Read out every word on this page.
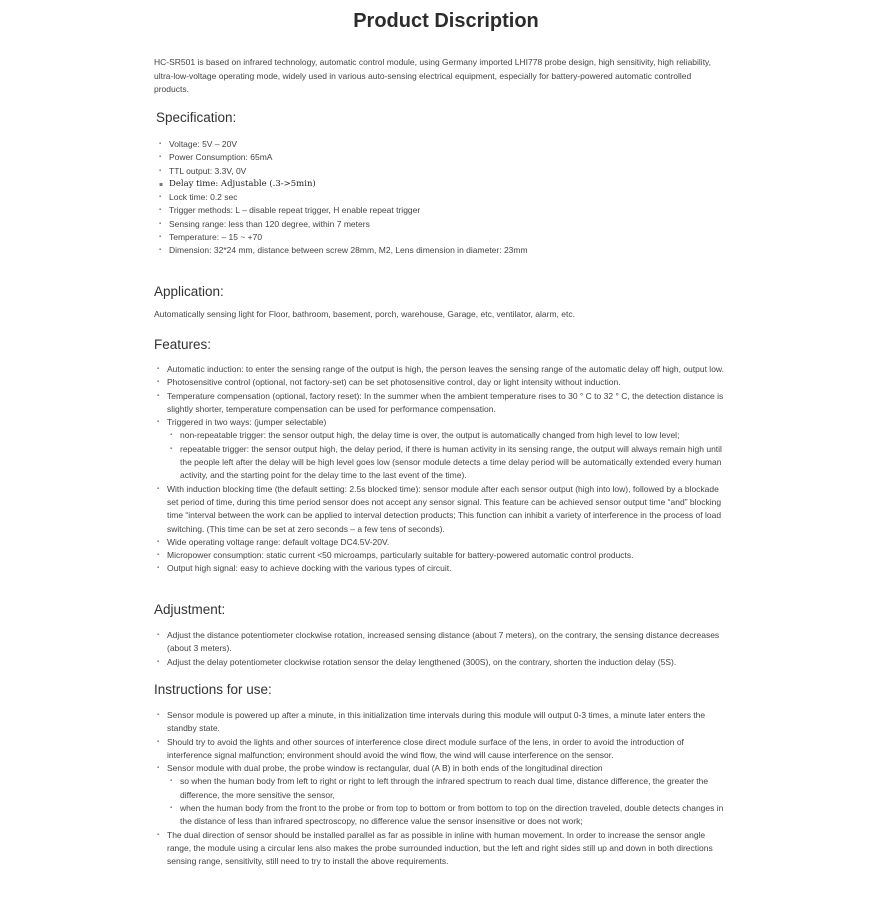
Product Discription

HC-SR501 is based on infrared technology, automatic control module, using Germany imported LHI778 probe design, high sensitivity, high reliability, ultra-low-voltage operating mode, widely used in various auto-sensing electrical equipment, especially for battery-powered automatic controlled products.

Specification:
▪ Voltage: 5V – 20V
▪ Power Consumption: 65mA
▪ TTL output: 3.3V, 0V
▪ Delay time: Adjustable (.3->5min)
▪ Lock time: 0.2 sec
▪ Trigger methods: L – disable repeat trigger, H enable repeat trigger
▪ Sensing range: less than 120 degree, within 7 meters
▪ Temperature: – 15 ~ +70
▪ Dimension: 32*24 mm, distance between screw 28mm, M2, Lens dimension in diameter: 23mm
Application:

Automatically sensing light for Floor, bathroom, basement, porch, warehouse, Garage, etc, ventilator, alarm, etc.

Features:
▪ Automatic induction: to enter the sensing range of the output is high, the person leaves the sensing range of the automatic delay off high, output low.
▪ Photosensitive control (optional, not factory-set) can be set photosensitive control, day or light intensity without induction.
▪ Temperature compensation (optional, factory reset): In the summer when the ambient temperature rises to 30 ° C to 32 ° C, the detection distance is slightly shorter, temperature compensation can be used for performance compensation.
▪ Triggered in two ways: (jumper selectable)
▪ non-repeatable trigger: the sensor output high, the delay time is over, the output is automatically changed from high level to low level;
▪ repeatable trigger: the sensor output high, the delay period, if there is human activity in its sensing range, the output will always remain high until the people left after the delay will be high level goes low (sensor module detects a time delay period will be automatically extended every human activity, and the starting point for the delay time to the last event of the time).
▪ With induction blocking time (the default setting: 2.5s blocked time): sensor module after each sensor output (high into low), followed by a blockade set period of time, during this time period sensor does not accept any sensor signal. This feature can be achieved sensor output time “and” blocking time “interval between the work can be applied to interval detection products; This function can inhibit a variety of interference in the process of load switching. (This time can be set at zero seconds – a few tens of seconds).
▪ Wide operating voltage range: default voltage DC4.5V-20V.
▪ Micropower consumption: static current <50 microamps, particularly suitable for battery-powered automatic control products.
▪ Output high signal: easy to achieve docking with the various types of circuit.
Adjustment:
▪ Adjust the distance potentiometer clockwise rotation, increased sensing distance (about 7 meters), on the contrary, the sensing distance decreases (about 3 meters).
▪ Adjust the delay potentiometer clockwise rotation sensor the delay lengthened (300S), on the contrary, shorten the induction delay (5S).
Instructions for use:
▪ Sensor module is powered up after a minute, in this initialization time intervals during this module will output 0-3 times, a minute later enters the standby state.
▪ Should try to avoid the lights and other sources of interference close direct module surface of the lens, in order to avoid the introduction of interference signal malfunction; environment should avoid the wind flow, the wind will cause interference on the sensor.
▪ Sensor module with dual probe, the probe window is rectangular, dual (A B) in both ends of the longitudinal direction
▪ so when the human body from left to right or right to left through the infrared spectrum to reach dual time, distance difference, the greater the difference, the more sensitive the sensor,
▪ when the human body from the front to the probe or from top to bottom or from bottom to top on the direction traveled, double detects changes in the distance of less than infrared spectroscopy, no difference value the sensor insensitive or does not work;
▪ The dual direction of sensor should be installed parallel as far as possible in inline with human movement. In order to increase the sensor angle range, the module using a circular lens also makes the probe surrounded induction, but the left and right sides still up and down in both directions sensing range, sensitivity, still need to try to install the above requirements.
